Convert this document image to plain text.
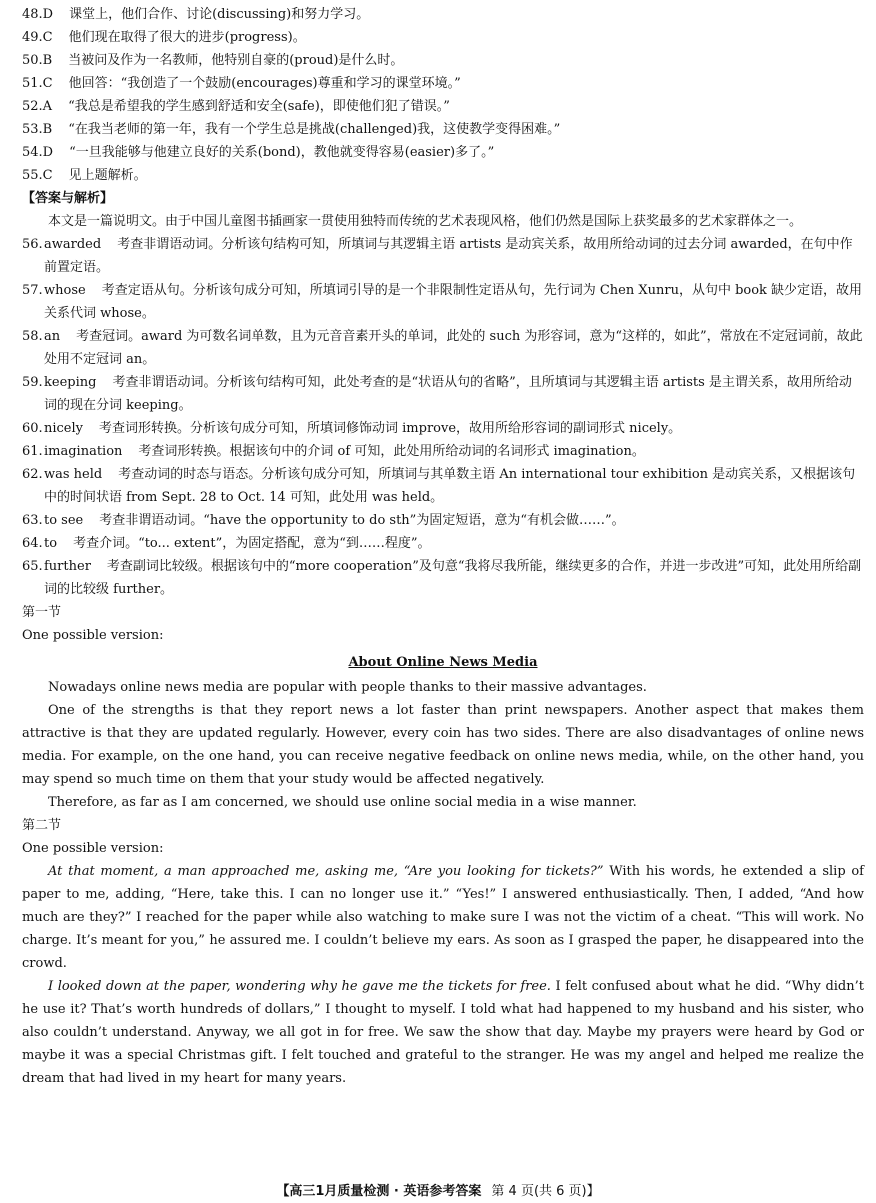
48.D 课堂上，他们合作、讨论(discussing)和努力学习。
49.C 他们现在取得了很大的进步(progress)。
50.B 当被问及作为一名教师，他特别自豪的(proud)是什么时。
51.C 他回答：“我创造了一个鼓励(encourages)尊重和学习的课堂环境。”
52.A “我总是希望我的学生感到舒适和安全(safe)，即使他们犯了错误。”
53.B “在我当老师的第一年，我有一个学生总是挑战(challenged)我，这使教学变得困难。”
54.D “一旦我能够与他建立良好的关系(bond)，教他就变得容易(easier)多了。”
55.C 见上题解析。
【答案与解析】
本文是一篇说明文。由于中国儿童图书插画家一贯使用独特而传统的艺术表现风格，他们仍然是国际上获奖最多的艺术家群体之一。
56. awarded 考查非谓语动词。分析该句结构可知，所填词与其逻辑主语 artists 是动宾关系，故用所给动词的过去分词 awarded，在句中作前置定语。
57. whose 考查定语从句。分析该句成分可知，所填词引导的是一个非限制性定语从句，先行词为 Chen Xunru，从句中 book 缺少定语，故用关系代词 whose。
58. an 考查冠词。award 为可数名词单数，且为元音音素开头的单词，此处的 such 为形容词，意为“这样的，如此”，常放在不定冠词前，故此处用不定冠词 an。
59. keeping 考查非谓语动词。分析该句结构可知，此处考查的是“状语从句的省略”，且所填词与其逻辑主语 artists 是主谓关系，故用所给动词的现在分词 keeping。
60. nicely 考查词形转换。分析该句成分可知，所填词修饰动词 improve，故用所给形容词的副词形式 nicely。
61. imagination 考查词形转换。根据该句中的介词 of 可知，此处用所给动词的名词形式 imagination。
62. was held 考查动词的时态与语态。分析该句成分可知，所填词与其单数主语 An international tour exhibition 是动宾关系，又根据该句中的时间状语 from Sept. 28 to Oct. 14 可知，此处用 was held。
63. to see 考查非谓语动词。“have the opportunity to do sth”为固定短语，意为“有机会做……”。
64. to 考查介词。“to... extent”，为固定搭配，意为“到……程度”。
65. further 考查副词比较级。根据该句中的“more cooperation”及句意“我将尽我所能，继续更多的合作，并进一步改进”可知，此处用所给副词的比较级 further。
第一节
One possible version:
About Online News Media

Nowadays online news media are popular with people thanks to their massive advantages.

One of the strengths is that they report news a lot faster than print newspapers. Another aspect that makes them attractive is that they are updated regularly. However, every coin has two sides. There are also disadvantages of online news media. For example, on the one hand, you can receive negative feedback on online news media, while, on the other hand, you may spend so much time on them that your study would be affected negatively.

Therefore, as far as I am concerned, we should use online social media in a wise manner.

第二节
One possible version:

At that moment, a man approached me, asking me, “Are you looking for tickets?” With his words, he extended a slip of paper to me, adding, “Here, take this. I can no longer use it.” “Yes!” I answered enthusiastically. Then, I added, “And how much are they?” I reached for the paper while also watching to make sure I was not the victim of a cheat. “This will work. No charge. It’s meant for you,” he assured me. I couldn’t believe my ears. As soon as I grasped the paper, he disappeared into the crowd.

I looked down at the paper, wondering why he gave me the tickets for free. I felt confused about what he did. “Why didn’t he use it? That’s worth hundreds of dollars,” I thought to myself. I told what had happened to my husband and his sister, who also couldn’t understand. Anyway, we all got in for free. We saw the show that day. Maybe my prayers were heard by God or maybe it was a special Christmas gift. I felt touched and grateful to the stranger. He was my angel and helped me realize the dream that had lived in my heart for many years.

【高三1月质量检测 · 英语参考答案 第 4 页(共 6 页)】
